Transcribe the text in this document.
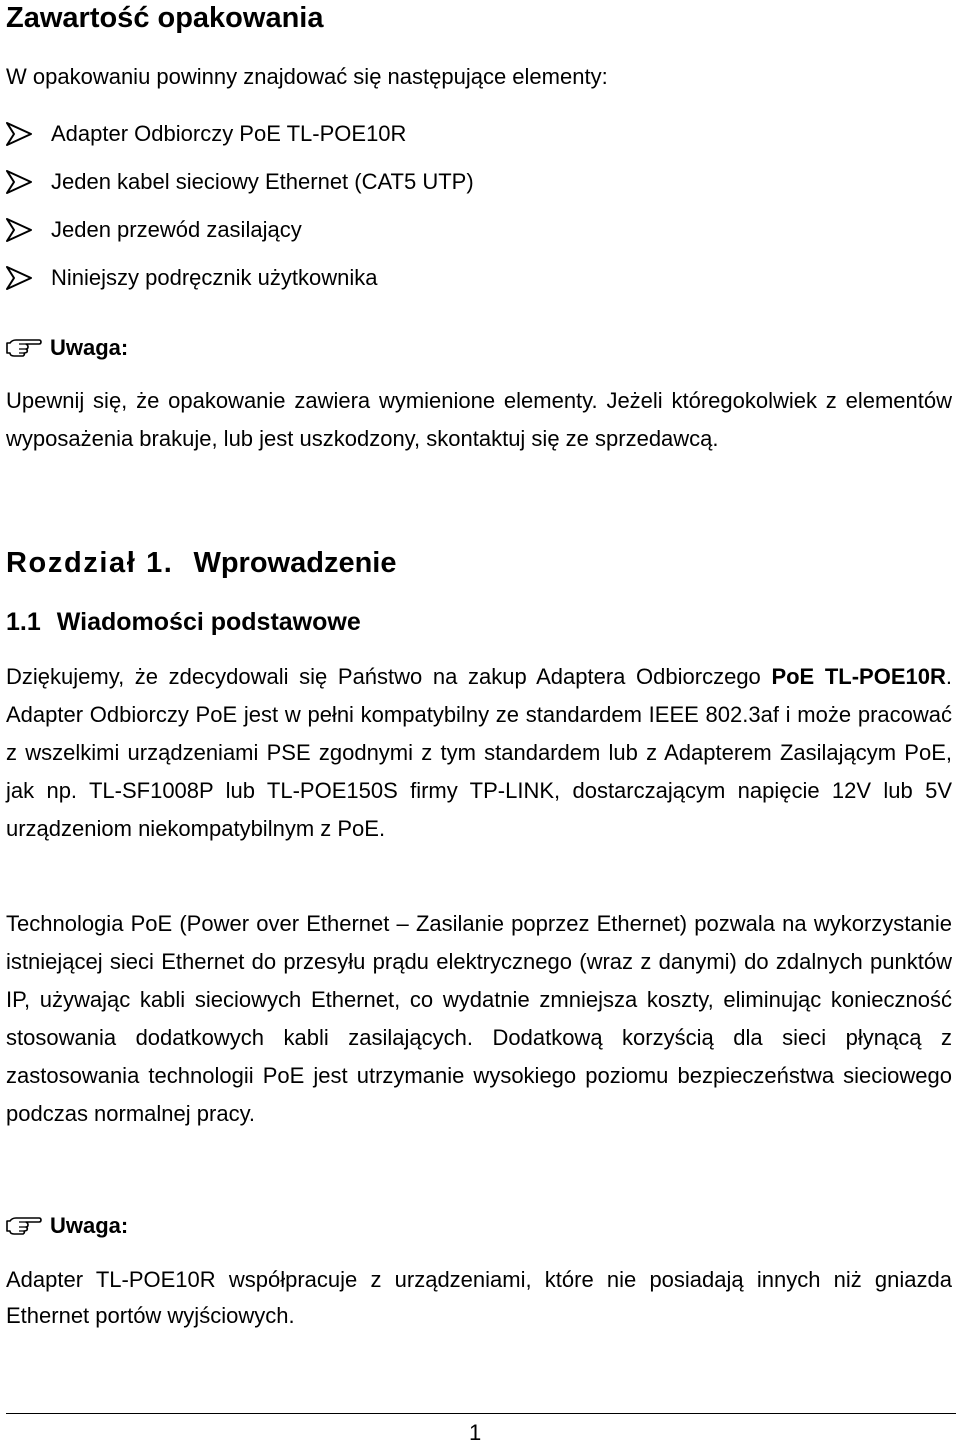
Zawartość opakowania
W opakowaniu powinny znajdować się następujące elementy:
Adapter Odbiorczy PoE TL-POE10R
Jeden kabel sieciowy Ethernet (CAT5 UTP)
Jeden przewód zasilający
Niniejszy podręcznik użytkownika
Uwaga:
Upewnij się, że opakowanie zawiera wymienione elementy. Jeżeli któregokolwiek z elementów wyposażenia brakuje, lub jest uszkodzony, skontaktuj się ze sprzedawcą.
Rozdział 1. Wprowadzenie
1.1 Wiadomości podstawowe
Dziękujemy, że zdecydowali się Państwo na zakup Adaptera Odbiorczego PoE TL-POE10R. Adapter Odbiorczy PoE jest w pełni kompatybilny ze standardem IEEE 802.3af i może pracować z wszelkimi urządzeniami PSE zgodnymi z tym standardem lub z Adapterem Zasilającym PoE, jak np. TL-SF1008P lub TL-POE150S firmy TP-LINK, dostarczającym napięcie 12V lub 5V urządzeniom niekompatybilnym z PoE.
Technologia PoE (Power over Ethernet – Zasilanie poprzez Ethernet) pozwala na wykorzystanie istniejącej sieci Ethernet do przesyłu prądu elektrycznego (wraz z danymi) do zdalnych punktów IP, używając kabli sieciowych Ethernet, co wydatnie zmniejsza koszty, eliminując konieczność stosowania dodatkowych kabli zasilających. Dodatkową korzyścią dla sieci płynącą z zastosowania technologii PoE jest utrzymanie wysokiego poziomu bezpieczeństwa sieciowego podczas normalnej pracy.
Uwaga:
Adapter TL-POE10R współpracuje z urządzeniami, które nie posiadają innych niż gniazda Ethernet portów wyjściowych.
1
